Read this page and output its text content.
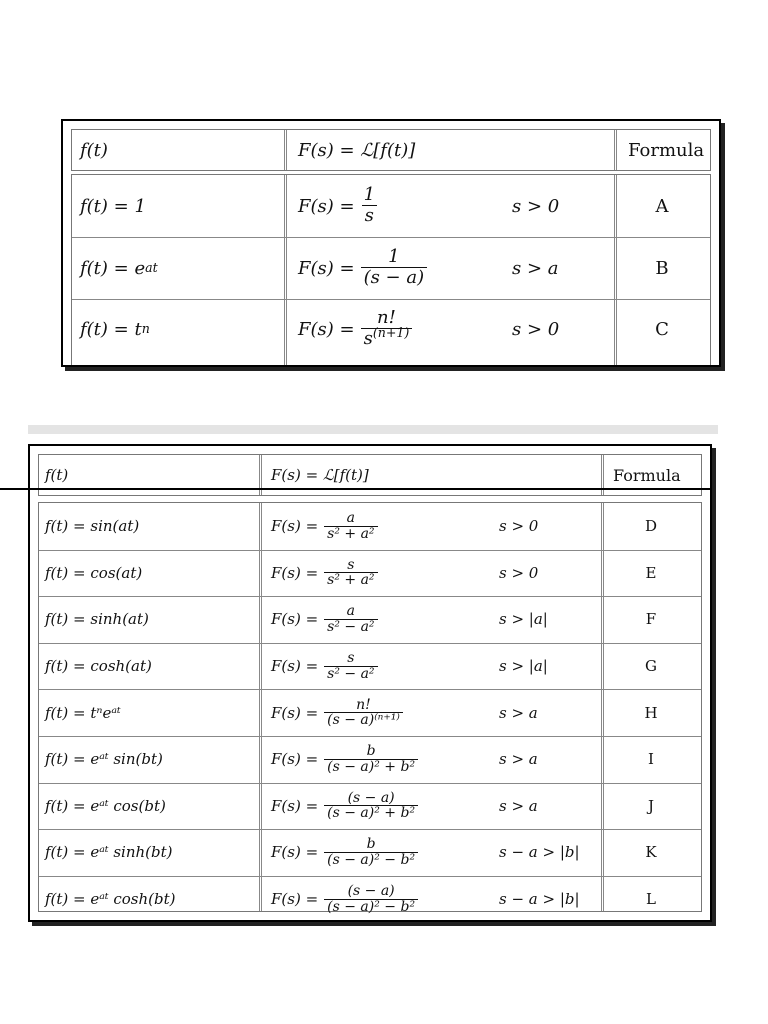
f(t)	F(s) = ℒ[f(t)]	Formula
f(t) = 1	$F(s) = \frac{1}{s}$	s > 0	A
f(t) = e at	$F(s) = \frac{1}{(s - a)}$	s > a	B
f(t) = t n	$F(s) = \frac{n!}{s^{(n+1)}}$	s > 0	C
f(t)	F(s) = ℒ[f(t)]	Formula
f(t) = sin(at)	$F(s) = \frac{a}{\text{s² + a²}}$	s > 0	D
f(t) = cos(at)	$F(s) = \frac{s}{\text{s² + a²}}$	s > 0	E
f(t) = sinh(at)	$F(s) = \frac{a}{\text{s² − a²}}$	s > |a|	F
f(t) = cosh(at)	$F(s) = \frac{s}{\text{s² − a²}}$	s > |a|	G
f(t) = tⁿeᵃᵗ	$F(s) = \frac{n!}{\text{(s − a)⁽ⁿ⁺¹⁾}}$	s > a	H
f(t) = eᵃᵗ sin(bt)	$F(s) = \frac{b}{\text{(s − a)² + b²}}$	s > a	I
f(t) = eᵃᵗ cos(bt)	$F(s) = \frac{(s - a)}{\text{(s − a)² + b²}}$	s > a	J
f(t) = eᵃᵗ sinh(bt)	$F(s) = \frac{b}{\text{(s − a)² − b²}}$	s − a > |b|	K
f(t) = eᵃᵗ cosh(bt)	$F(s) = \frac{(s - a)}{\text{(s − a)² − b²}}$	s − a > |b|	L
